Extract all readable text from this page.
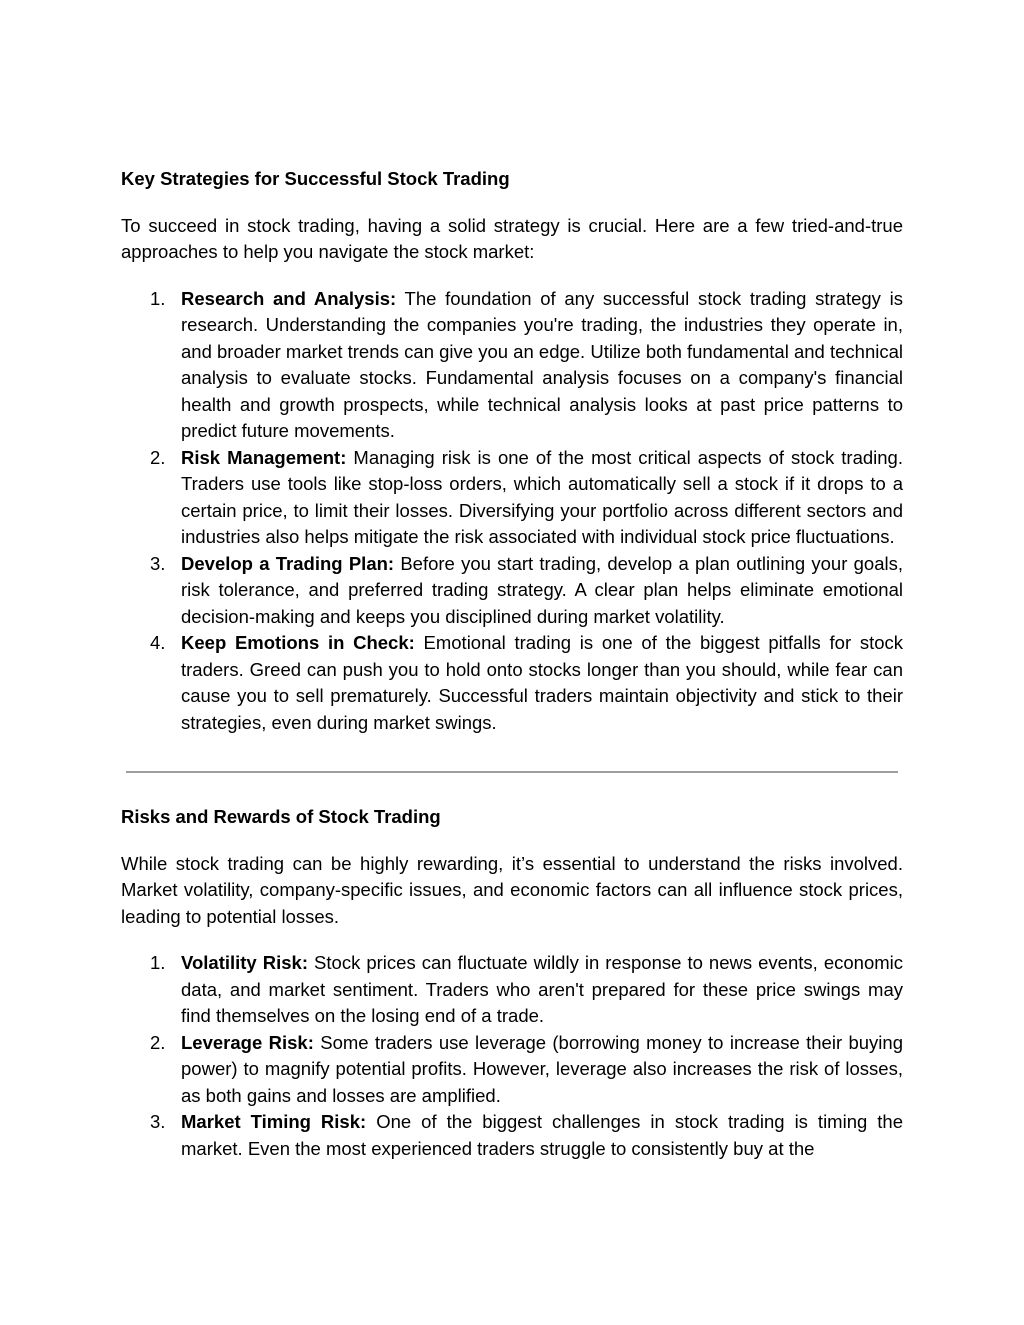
Key Strategies for Successful Stock Trading

To succeed in stock trading, having a solid strategy is crucial. Here are a few tried-and-true approaches to help you navigate the stock market:

1. Research and Analysis: The foundation of any successful stock trading strategy is research. Understanding the companies you're trading, the industries they operate in, and broader market trends can give you an edge. Utilize both fundamental and technical analysis to evaluate stocks. Fundamental analysis focuses on a company's financial health and growth prospects, while technical analysis looks at past price patterns to predict future movements.
2. Risk Management: Managing risk is one of the most critical aspects of stock trading. Traders use tools like stop-loss orders, which automatically sell a stock if it drops to a certain price, to limit their losses. Diversifying your portfolio across different sectors and industries also helps mitigate the risk associated with individual stock price fluctuations.
3. Develop a Trading Plan: Before you start trading, develop a plan outlining your goals, risk tolerance, and preferred trading strategy. A clear plan helps eliminate emotional decision-making and keeps you disciplined during market volatility.
4. Keep Emotions in Check: Emotional trading is one of the biggest pitfalls for stock traders. Greed can push you to hold onto stocks longer than you should, while fear can cause you to sell prematurely. Successful traders maintain objectivity and stick to their strategies, even during market swings.
Risks and Rewards of Stock Trading

While stock trading can be highly rewarding, it’s essential to understand the risks involved. Market volatility, company-specific issues, and economic factors can all influence stock prices, leading to potential losses.

1. Volatility Risk: Stock prices can fluctuate wildly in response to news events, economic data, and market sentiment. Traders who aren't prepared for these price swings may find themselves on the losing end of a trade.
2. Leverage Risk: Some traders use leverage (borrowing money to increase their buying power) to magnify potential profits. However, leverage also increases the risk of losses, as both gains and losses are amplified.
3. Market Timing Risk: One of the biggest challenges in stock trading is timing the market. Even the most experienced traders struggle to consistently buy at the
